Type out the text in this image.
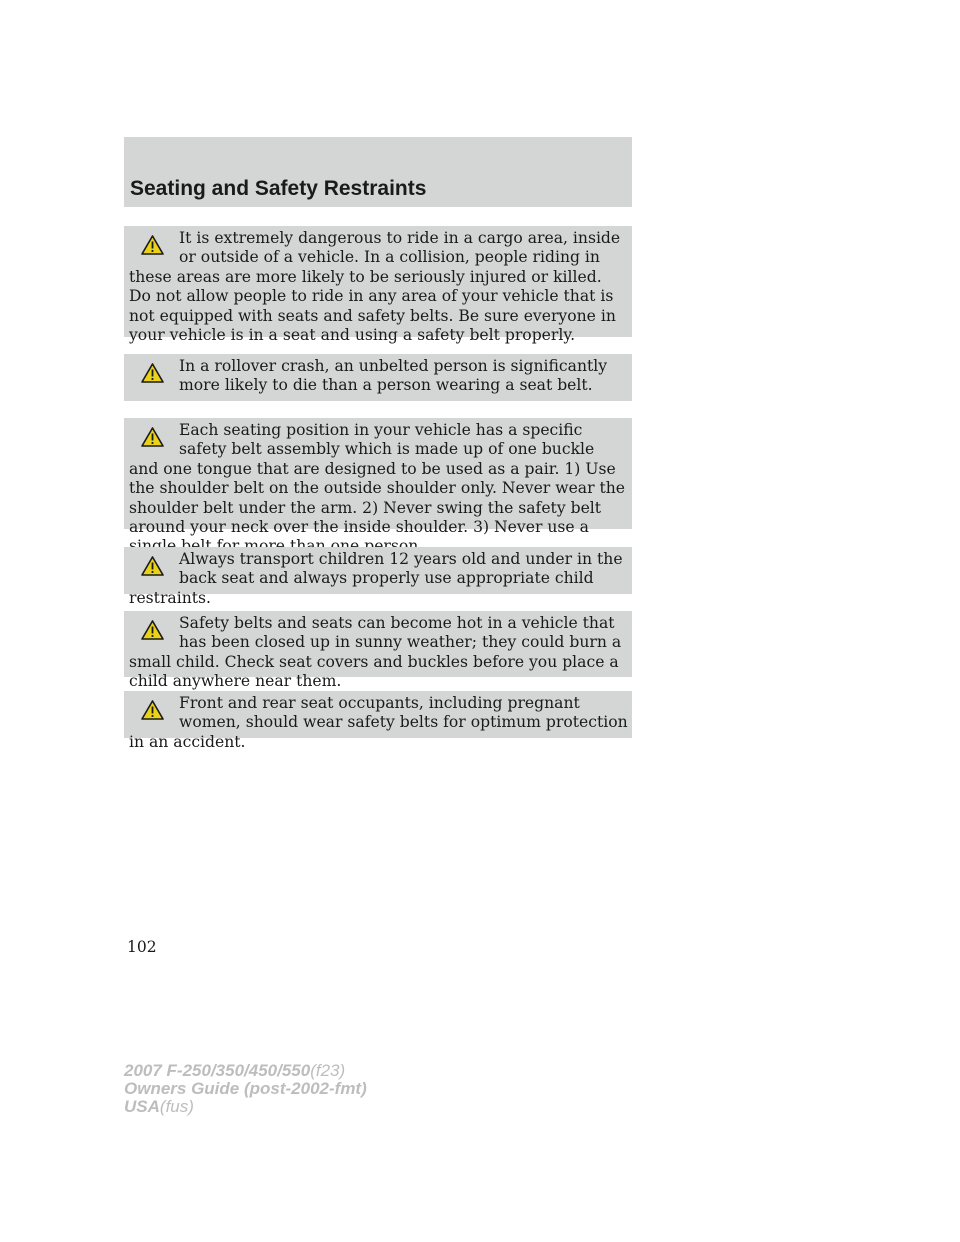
Seating and Safety Restraints
It is extremely dangerous to ride in a cargo area, inside or outside of a vehicle. In a collision, people riding in these areas are more likely to be seriously injured or killed. Do not allow people to ride in any area of your vehicle that is not equipped with seats and safety belts. Be sure everyone in your vehicle is in a seat and using a safety belt properly.
In a rollover crash, an unbelted person is significantly more likely to die than a person wearing a seat belt.
Each seating position in your vehicle has a specific safety belt assembly which is made up of one buckle and one tongue that are designed to be used as a pair. 1) Use the shoulder belt on the outside shoulder only. Never wear the shoulder belt under the arm. 2) Never swing the safety belt around your neck over the inside shoulder. 3) Never use a
Always transport children 12 years old and under in the back seat and always properly use appropriate child restraints.
Safety belts and seats can become hot in a vehicle that has been closed up in sunny weather; they could burn a small child. Check seat covers and buckles before you place a child anywhere near them.
Front and rear seat occupants, including pregnant women, should wear safety belts for optimum protection in an accident.
102
2007 F-250/350/450/550(f23)
Owners Guide (post-2002-fmt)
USA(fus)
